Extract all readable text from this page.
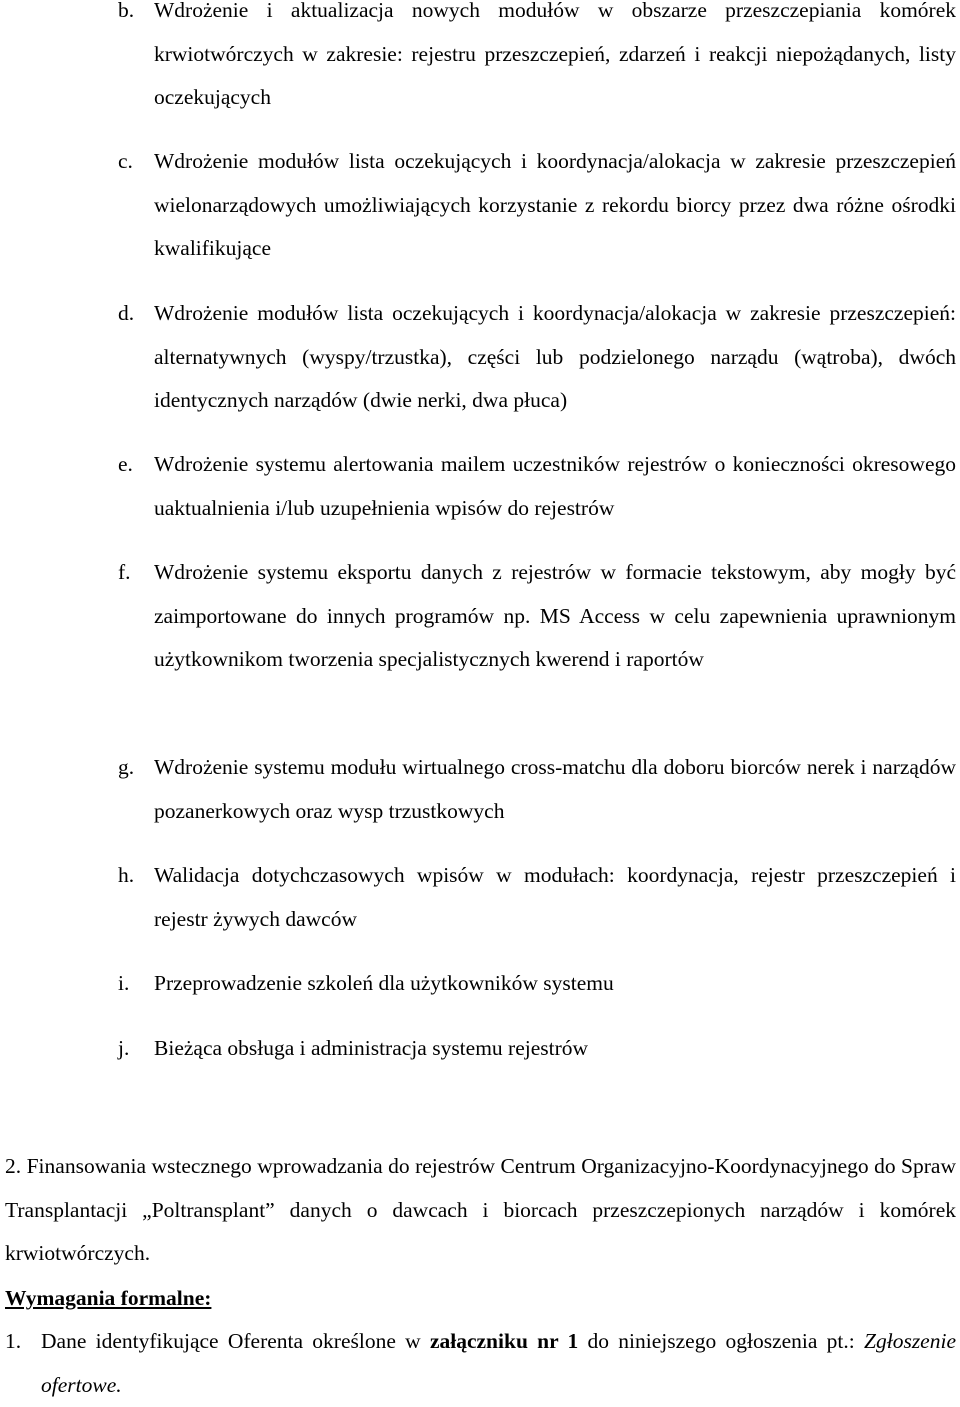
b. Wdrożenie i aktualizacja nowych modułów w obszarze przeszczepiania komórek krwiotwórczych w zakresie: rejestru przeszczepień, zdarzeń i reakcji niepożądanych, listy oczekujących
c. Wdrożenie modułów lista oczekujących i koordynacja/alokacja w zakresie przeszczepień wielonarządowych umożliwiających korzystanie z rekordu biorcy przez dwa różne ośrodki kwalifikujące
d. Wdrożenie modułów lista oczekujących i koordynacja/alokacja w zakresie przeszczepień: alternatywnych (wyspy/trzustka), części lub podzielonego narządu (wątroba), dwóch identycznych narządów (dwie nerki, dwa płuca)
e. Wdrożenie systemu alertowania mailem uczestników rejestrów o konieczności okresowego uaktualnienia i/lub uzupełnienia wpisów do rejestrów
f.	Wdrożenie systemu eksportu danych z rejestrów w formacie tekstowym, aby mogły być zaimportowane do innych programów np. MS Access w celu zapewnienia uprawnionym użytkownikom tworzenia specjalistycznych kwerend i raportów
g. Wdrożenie systemu modułu wirtualnego cross-matchu dla doboru biorców nerek i narządów pozanerkowych oraz wysp trzustkowych
h. Walidacja dotychczasowych wpisów w modułach: koordynacja, rejestr przeszczepień i rejestr żywych dawców
i.	Przeprowadzenie szkoleń dla użytkowników systemu
j.	Bieżąca obsługa i administracja systemu rejestrów
2. Finansowania wstecznego wprowadzania do rejestrów Centrum Organizacyjno-Koordynacyjnego do Spraw Transplantacji „Poltransplant” danych o dawcach i biorcach przeszczepionych narządów i komórek krwiotwórczych.
Wymagania formalne:
1. Dane identyfikujące Oferenta określone w załączniku nr 1 do niniejszego ogłoszenia pt.: Zgłoszenie ofertowe.
